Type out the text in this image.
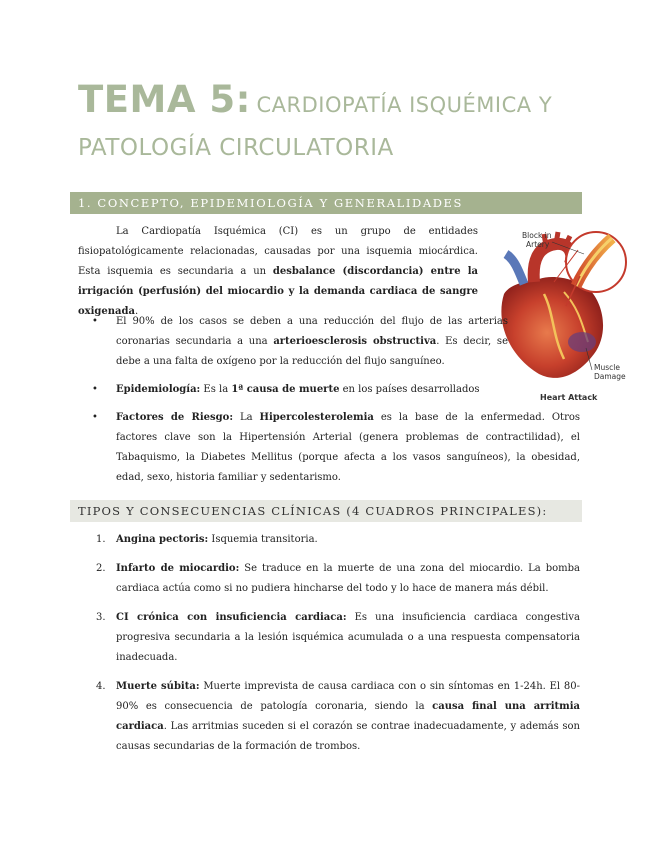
TEMA 5: CARDIOPATÍA ISQUÉMICA Y
PATOLOGÍA CIRCULATORIA
1. CONCEPTO, EPIDEMIOLOGÍA Y GENERALIDADES
La Cardiopatía Isquémica (CI) es un grupo de entidades fisiopatológicamente relacionadas, causadas por una isquemia miocárdica. Esta isquemia es secundaria a un desbalance (discordancia) entre la irrigación (perfusión) del miocardio y la demanda cardiaca de sangre oxigenada.
Block in
Artery
Muscle
Damage
Heart Attack
• El 90% de los casos se deben a una reducción del flujo de las arterias coronarias secundaria a una arterioesclerosis obstructiva. Es decir, se debe a una falta de oxígeno por la reducción del flujo sanguíneo.
• Epidemiología: Es la 1ª causa de muerte en los países desarrollados
• Factores de Riesgo: La Hipercolesterolemia es la base de la enfermedad. Otros factores clave son la Hipertensión Arterial (genera problemas de contractilidad), el Tabaquismo, la Diabetes Mellitus (porque afecta a los vasos sanguíneos), la obesidad, edad, sexo, historia familiar y sedentarismo.
TIPOS Y CONSECUENCIAS CLÍNICAS (4 CUADROS PRINCIPALES):
1. Angina pectoris: Isquemia transitoria.
2. Infarto de miocardio: Se traduce en la muerte de una zona del miocardio. La bomba cardiaca actúa como si no pudiera hincharse del todo y lo hace de manera más débil.
3. CI crónica con insuficiencia cardiaca: Es una insuficiencia cardiaca congestiva progresiva secundaria a la lesión isquémica acumulada o a una respuesta compensatoria inadecuada.
4. Muerte súbita: Muerte imprevista de causa cardiaca con o sin síntomas en 1-24h. El 80-90% es consecuencia de patología coronaria, siendo la causa final una arritmia cardiaca. Las arritmias suceden si el corazón se contrae inadecuadamente, y además son causas secundarias de la formación de trombos.
